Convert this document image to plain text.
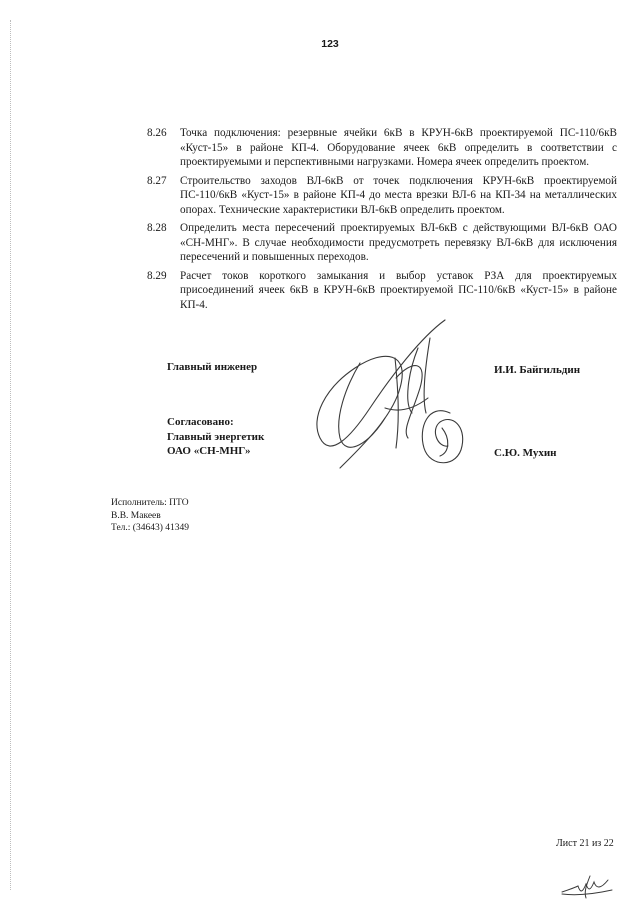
123
8.26 Точка подключения: резервные ячейки 6кВ в КРУН-6кВ проектируемой ПС-110/6кВ «Куст-15» в районе КП-4. Оборудование ячеек 6кВ определить в соответствии с проектируемыми и перспективными нагрузками. Номера ячеек определить проектом.
8.27 Строительство заходов ВЛ-6кВ от точек подключения КРУН-6кВ проектируемой ПС-110/6кВ «Куст-15» в районе КП-4 до места врезки ВЛ-6 на КП-34 на металлических опорах. Технические характеристики ВЛ-6кВ определить проектом.
8.28 Определить места пересечений проектируемых ВЛ-6кВ с действующими ВЛ-6кВ ОАО «СН-МНГ». В случае необходимости предусмотреть перевязку ВЛ-6кВ для исключения пересечений и повышенных переходов.
8.29 Расчет токов короткого замыкания и выбор уставок РЗА для проектируемых присоединений ячеек 6кВ в КРУН-6кВ проектируемой ПС-110/6кВ «Куст-15» в районе КП-4.
Главный инженер	И.И. Байгильдин
Согласовано:
Главный энергетик
ОАО «СН-МНГ»	С.Ю. Мухин
Исполнитель: ПТО
В.В. Макеев
Тел.: (34643) 41349
Лист 21 из 22
